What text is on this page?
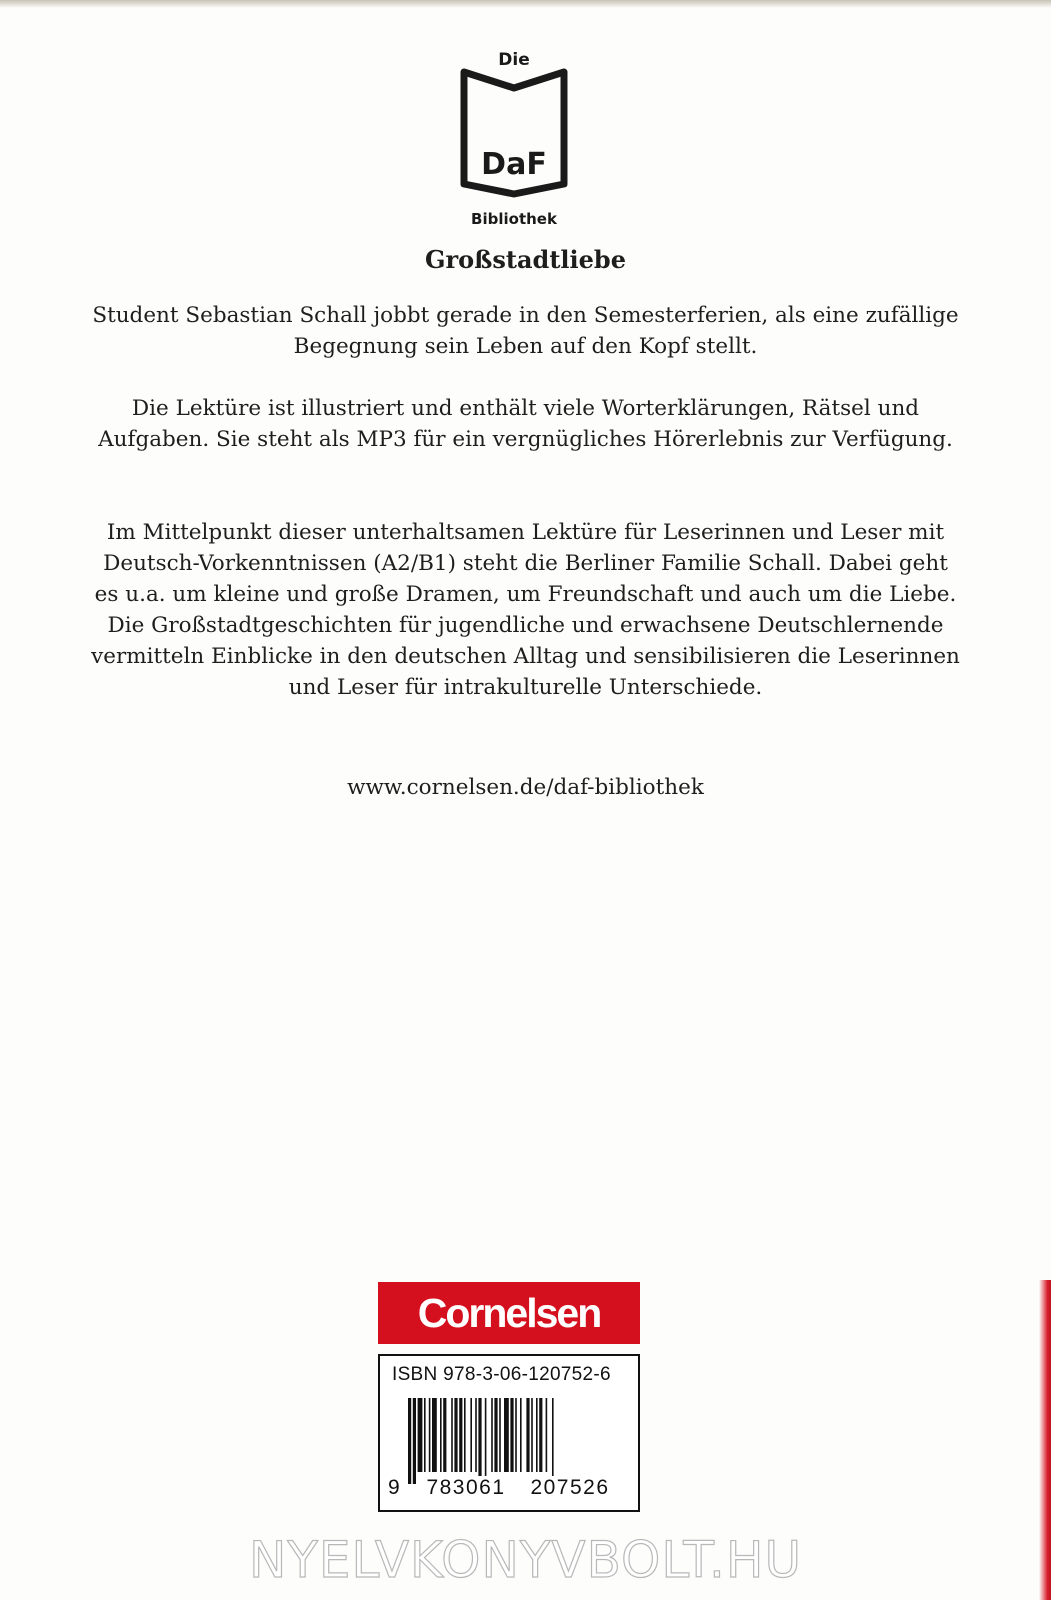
Die
DaF
Bibliothek
Großstadtliebe

Student Sebastian Schall jobbt gerade in den Semesterferien, als eine zufällige Begegnung sein Leben auf den Kopf stellt.

Die Lektüre ist illustriert und enthält viele Worterklärungen, Rätsel und Aufgaben. Sie steht als MP3 für ein vergnügliches Hörerlebnis zur Verfügung.

Im Mittelpunkt dieser unterhaltsamen Lektüre für Leserinnen und Leser mit Deutsch-Vorkenntnissen (A2/B1) steht die Berliner Familie Schall. Dabei geht es u.a. um kleine und große Dramen, um Freundschaft und auch um die Liebe. Die Großstadtgeschichten für jugendliche und erwachsene Deutschlernende vermitteln Einblicke in den deutschen Alltag und sensibilisieren die Leserinnen und Leser für intrakulturelle Unterschiede.

www.cornelsen.de/daf-bibliothek
Cornelsen
ISBN 978-3-06-120752-6
9	783061	207526
NYELVKONYVBOLT.HU
